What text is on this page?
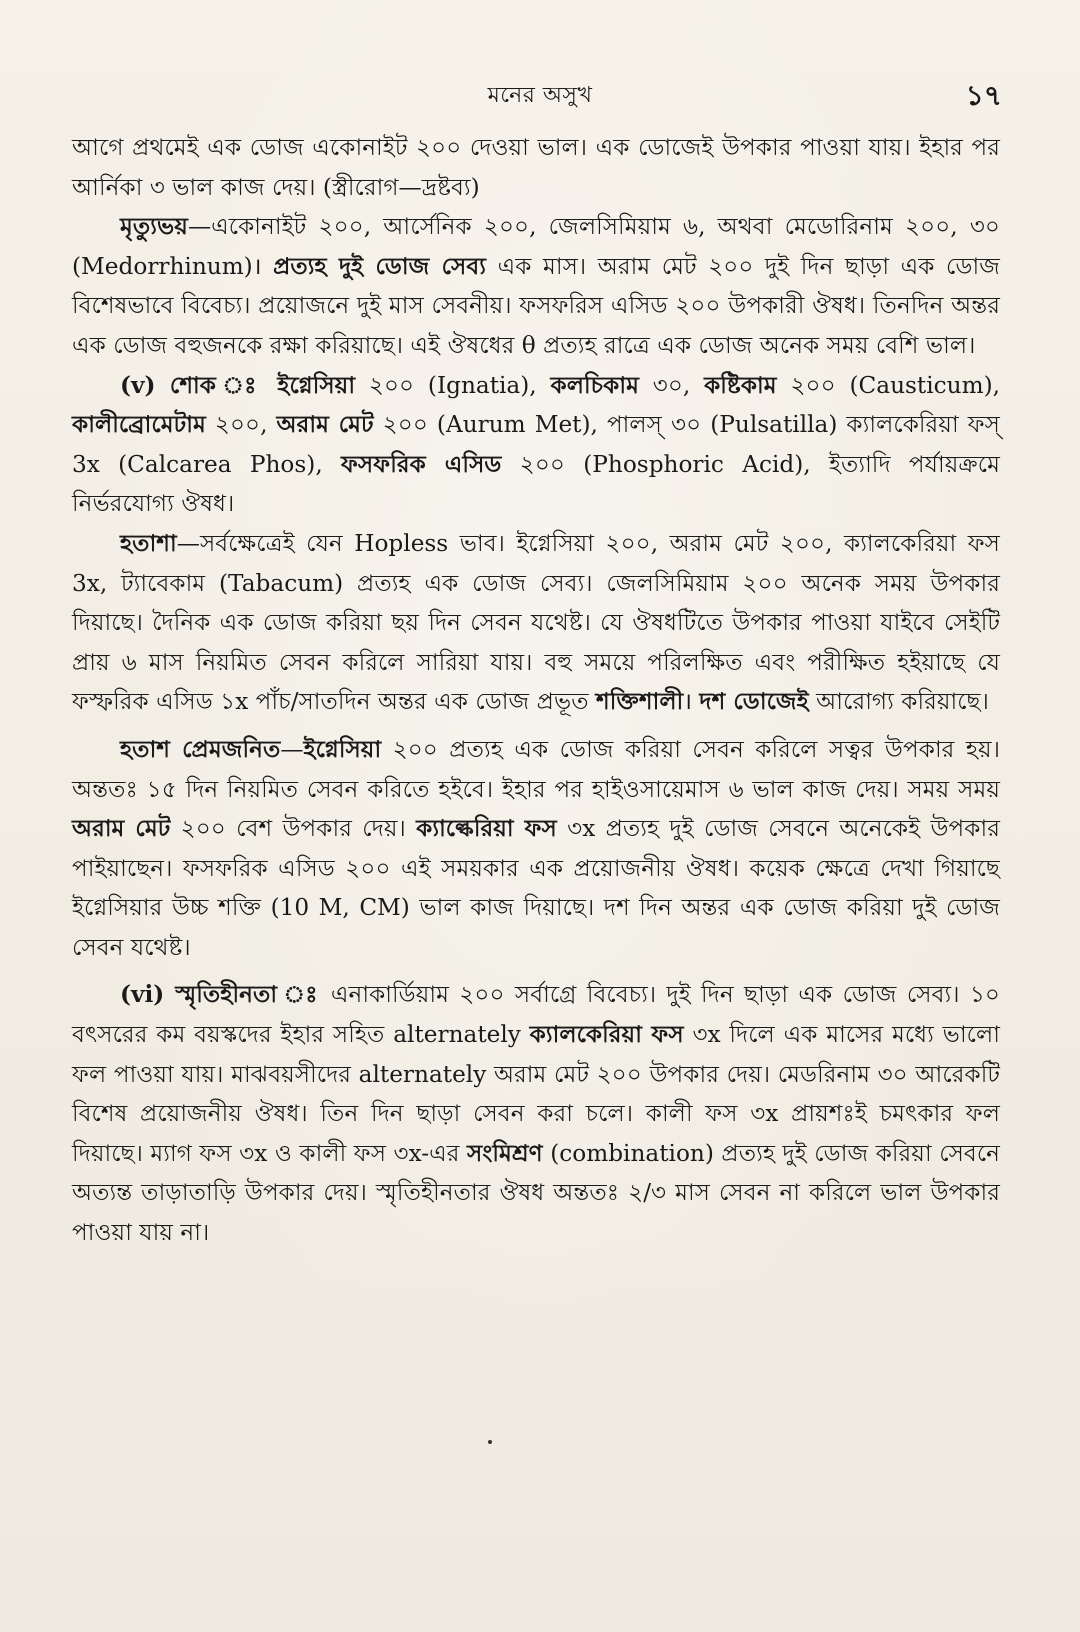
মনের অসুখ	১৭

আগে প্রথমেই এক ডোজ একোনাইট ২০০ দেওয়া ভাল। এক ডোজেই উপকার পাওয়া যায়। ইহার পর আর্নিকা ৩ ভাল কাজ দেয়। (স্ত্রীরোগ—দ্রষ্টব্য)

মৃত্যুভয়—একোনাইট ২০০, আর্সেনিক ২০০, জেলসিমিয়াম ৬, অথবা মেডোরিনাম ২০০, ৩০ (Medorrhinum)। প্রত্যহ দুই ডোজ সেব্য এক মাস। অরাম মেট ২০০ দুই দিন ছাড়া এক ডোজ বিশেষভাবে বিবেচ্য। প্রয়োজনে দুই মাস সেবনীয়। ফসফরিস এসিড ২০০ উপকারী ঔষধ। তিনদিন অন্তর এক ডোজ বহুজনকে রক্ষা করিয়াছে। এই ঔষধের θ প্রত্যহ রাত্রে এক ডোজ অনেক সময় বেশি ভাল।

(v) শোক ঃ ইগ্নেসিয়া ২০০ (Ignatia), কলচিকাম ৩০, কষ্টিকাম ২০০ (Causticum), কালীব্রোমেটাম ২০০, অরাম মেট ২০০ (Aurum Met), পালস্ ৩০ (Pulsatilla) ক্যালকেরিয়া ফস্ 3x (Calcarea Phos), ফসফরিক এসিড ২০০ (Phosphoric Acid), ইত্যাদি পর্যায়ক্রমে নির্ভরযোগ্য ঔষধ।

হতাশা—সর্বক্ষেত্রেই যেন Hopless ভাব। ইগ্নেসিয়া ২০০, অরাম মেট ২০০, ক্যালকেরিয়া ফস 3x, ট্যাবেকাম (Tabacum) প্রত্যহ এক ডোজ সেব্য। জেলসিমিয়াম ২০০ অনেক সময় উপকার দিয়াছে। দৈনিক এক ডোজ করিয়া ছয় দিন সেবন যথেষ্ট। যে ঔষধটিতে উপকার পাওয়া যাইবে সেইটি প্রায় ৬ মাস নিয়মিত সেবন করিলে সারিয়া যায়। বহু সময়ে পরিলক্ষিত এবং পরীক্ষিত হইয়াছে যে ফস্ফরিক এসিড ১x পাঁচ/সাতদিন অন্তর এক ডোজ প্রভূত শক্তিশালী। দশ ডোজেই আরোগ্য করিয়াছে।

হতাশ প্রেমজনিত—ইগ্নেসিয়া ২০০ প্রত্যহ এক ডোজ করিয়া সেবন করিলে সত্বর উপকার হয়। অন্ততঃ ১৫ দিন নিয়মিত সেবন করিতে হইবে। ইহার পর হাইওসায়েমাস ৬ ভাল কাজ দেয়। সময় সময় অরাম মেট ২০০ বেশ উপকার দেয়। ক্যাল্কেরিয়া ফস ৩x প্রত্যহ দুই ডোজ সেবনে অনেকেই উপকার পাইয়াছেন। ফসফরিক এসিড ২০০ এই সময়কার এক প্রয়োজনীয় ঔষধ। কয়েক ক্ষেত্রে দেখা গিয়াছে ইগ্নেসিয়ার উচ্চ শক্তি (10 M, CM) ভাল কাজ দিয়াছে। দশ দিন অন্তর এক ডোজ করিয়া দুই ডোজ সেবন যথেষ্ট।

(vi) স্মৃতিহীনতা ঃ এনাকার্ডিয়াম ২০০ সর্বাগ্রে বিবেচ্য। দুই দিন ছাড়া এক ডোজ সেব্য। ১০ বৎসরের কম বয়স্কদের ইহার সহিত alternately ক্যালকেরিয়া ফস ৩x দিলে এক মাসের মধ্যে ভালো ফল পাওয়া যায়। মাঝবয়সীদের alternately অরাম মেট ২০০ উপকার দেয়। মেডরিনাম ৩০ আরেকটি বিশেষ প্রয়োজনীয় ঔষধ। তিন দিন ছাড়া সেবন করা চলে। কালী ফস ৩x প্রায়শঃই চমৎকার ফল দিয়াছে। ম্যাগ ফস ৩x ও কালী ফস ৩x-এর সংমিশ্রণ (combination) প্রত্যহ দুই ডোজ করিয়া সেবনে অত্যন্ত তাড়াতাড়ি উপকার দেয়। স্মৃতিহীনতার ঔষধ অন্ততঃ ২/৩ মাস সেবন না করিলে ভাল উপকার পাওয়া যায় না।
